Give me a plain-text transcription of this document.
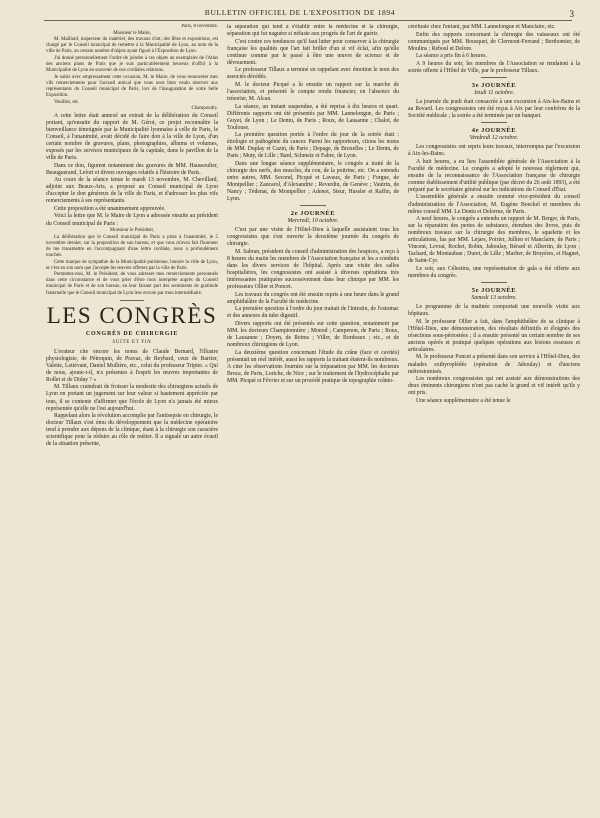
BULLETIN OFFICIEL DE L'EXPOSITION DE 1894	3

Paris, 8 novembre.

Monsieur le Maire,

M. Maillard, inspecteur du matériel, des travaux d'art, des fêtes et expositions, est chargé par le Conseil municipal de remettre à la Municipalité de Lyon, au nom de la ville de Paris, un certain nombre d'objets ayant figuré à l'Exposition de Lyon.

J'ai donné personnellement l'ordre de joindre à ces objets un exemplaire de l'Atlas des anciens plans de Paris que je suis particulièrement heureux d'offrir à la Municipalité de Lyon en souvenir de nos cordiales relations.

Je saisis avec empressement cette occasion, M. le Maire, de vous renouveler mes vifs remerciements pour l'accueil amical que vous avez bien voulu réserver aux représentants du Conseil municipal de Paris, lors de l'inauguration de votre belle Exposition.

Veuillez, etc.

Champoudry.

A cette lettre était annexé un extrait de la délibération du Conseil portant, qu'ensuite du rapport de M. Gérot, ce projet reconnaître la bienveillance témoignée par la Municipalité lyonnaise à celle de Paris, le Conseil, à l'unanimité, avait décidé de faire don à la ville de Lyon, d'un certain nombre de gravures, plans, photographies, albums et volumes, exposés par les services municipaux de la capitale, dans le pavillon de la ville de Paris.

Dans ce don, figurent notamment des gravures de MM. Haussoulier, Beauguerand, Lefort et divers ouvrages relatifs à l'histoire de Paris.

Au cours de la séance tenue le mardi 13 novembre, M. Chevillard, adjoint aux Beaux-Arts, a proposé au Conseil municipal de Lyon d'accepter le don généreux de la ville de Paris, et d'adresser les plus vifs remerciements à ses représentants.

Cette proposition a été unanimement approuvée.

Voici la lettre que M. le Maire de Lyon a adressée ensuite au président du Conseil municipal de Paris :

Monsieur le Président,

La délibération que le Conseil municipal de Paris a prise à l'unanimité, le 5 novembre dernier, sur la proposition de son bureau, et que vous m'avez fait l'honneur de me transmettre en l'accompagnant d'une lettre cordiale, nous a profondément touchés.

Cette marque de sympathie de la Municipalité parisienne, honore la ville de Lyon, et c'est en son nom que j'accepte les œuvres offertes par la ville de Paris.

Permettez-moi, M. le Président, de vous adresser mes remerciements personnels dans cette circonstance et de vous prier d'être mon interprète auprès du Conseil municipal de Paris et de son bureau, en leur faisant part des sentiments de gratitude fraternelle que le Conseil municipal de Lyon leur envoie par mon intermédiaire.

LES CONGRÈS
CONGRÈS DE CHIRURGIE
SUITE ET FIN

L'orateur cite encore les noms de Claude Bernard, l'illustre physiologiste, de Pétrequin, de Pravaz, de Reybard, ceux de Barrier, Valette, Letiévant, Daniel Mollière, etc., celui du professeur Tripier. « Qui de nous, ajoute-t-il, n'a présentes à l'esprit les œuvres importantes de Rollet et de Diday ? »

M. Tillaux craindrait de froisser la modestie des chirurgiens actuels de Lyon en portant un jugement sur leur valeur si hautement appréciée par tous, il se contente d'affirmer que l'école de Lyon n'a jamais été mieux représentée qu'elle ne l'est aujourd'hui.

Rappelant alors la révolution accomplie par l'antisepsie en chirurgie, le docteur Tillaux s'est ému du développement que la médecine opératoire tend à prendre aux dépens de la clinique, étant à la chirurgie son caractère scientifique pour la réduire au rôle de métier. Il a signalé un autre écueil de la situation présente,

la séparation qui tend à s'établir entre la médecine et la chirurgie, séparation qui fut naguère si néfaste aux progrès de l'art de guérir.

C'est contre ces tendances qu'il faut lutter pour conserver à la chirurgie française les qualités que l'art fait briller d'un si vif éclat, afin qu'elle continue comme par le passé à être une œuvre de science et de dévouement.

Le professeur Tillaux a terminé en rappelant avec émotion le nom des associés décédés.

M. le docteur Picqué a lu ensuite un rapport sur la marche de l'association, et présenté le compte rendu financier, en l'absence du trésorier, M. Alcan.

La séance, un instant suspendue, a été reprise à dix heures et quart. Différents rapports ont été présentés par MM. Lannelongue, de Paris ; Guyet, de Lyon ; Le Dentu, de Paris ; Roux, de Lausanne ; Chalot, de Toulouse.

La première question portée à l'ordre du jour de la soirée était : étiologie et pathogénie du cancer. Parmi les rapporteurs, citons les noms de MM. Duplay et Cazin, de Paris ; Depage, de Bruxelles ; Le Dentu, de Paris ; Moty, de Lille ; Bard, Schmetz et Fabre, de Lyon.

Dans une longue séance supplémentaire, le congrès a traité de la chirurgie des nerfs, des muscles, du cou, de la poitrine, etc. On a entendu entre autres, MM. Second, Picqué et Lavaux, de Paris ; Forgue, de Montpellier ; Zancarol, d'Alexandrie ; Reverdin, de Genève ; Vautrin, de Nancy ; Tédenat, de Montpellier ; Adenot, Sieur, Hussler et Raffin, de Lyon.

2e JOURNÉE
Mercredi, 10 octobre.

C'est par une visite de l'Hôtel-Dieu à laquelle assistaient tous les congressistes que s'est ouverte la deuxième journée du congrès de chirurgie.

M. Sabran, président du conseil d'administration des hospices, a reçu à 8 heures du matin les membres de l'Association française et les a conduits dans les divers services de l'hôpital. Après une visite des salles hospitalières, les congressistes ont assisté à diverses opérations très intéressantes pratiquées successivement dans leur clinique par MM. les professeurs Ollier et Poncet.

Les travaux du congrès ont été ensuite repris à une heure dans le grand amphithéâtre de la Faculté de médecine.

La première question à l'ordre du jour traitait de l'intestin, de l'estomac et des annexes du tube digestif.

Divers rapports ont été présentés sur cette question, notamment par MM. les docteurs Championnière ; Monod ; Campenon, de Paris ; Roux, de Lausanne ; Doyen, de Reims ; Viller, de Bordeaux ; etc., et de nombreux chirurgiens de Lyon.

La deuxième question concernant l'étude du crâne (face et cavités) présentait un réel intérêt, aussi les rapports la traitant étaient-ils nombreux. A citer les observations fournies sur la trépanation par MM. les docteurs Broca, de Paris, Loriche, de Nice ; sur le traitement de l'hydrocéphalie par MM. Picqué et Février et sur un procédé pratique de topographie crânio-

cérébrale chez l'enfant, par MM. Lannelongue et Manclaire, etc.

Enfin des rapports concernant la chirurgie des vaisseaux ont été communiqués par MM. Bousquet, de Clermont-Ferrand ; Berthomier, de Moulins ; Reboul et Delore.

La séance a pris fin à 6 heures.

A 9 heures du soir, les membres de l'Association se rendaient à la soirée offerte à l'Hôtel de Ville, par le professeur Tillaux.

3e JOURNÉE
Jeudi 11 octobre.

La journée du jeudi était consacrée à une excursion à Aix-les-Bains et au Revard. Les congressistes ont été reçus à Aix par leur confrères de la Société médicale ; la soirée a été terminée par un banquet.

4e JOURNÉE
Vendredi 12 octobre.

Les congressistes ont repris leurs travaux, interrompus par l'excursion à Aix-les-Bains.

A huit heures, a eu lieu l'assemblée générale de l'Association à la Faculté de médecine. Le congrès a adopté le nouveau règlement qui, ensuite de la reconnaissance de l'Association française de chirurgie comme établissement d'utilité publique (par décret du 26 août 1893), a été préparé par le secrétaire général sur les indications du Conseil d'État.

L'assemblée générale a ensuite nommé vice-président du conseil d'administration de l'Association, M. Eugène Boeckel et membres du même conseil MM. Le Dentu et Delorme, de Paris.

A neuf heures, le congrès a entendu un rapport de M. Berger, de Paris, sur la réparation des pertes de substance, étendues des livres, puis de nombreux travaux sur la chirurgie des membres, le squelette et les articulations, lus par MM. Lejars, Poirier, Jullien et Manclaire, de Paris ; Vincent, Levrat, Rochet, Robin, Jaboulay, Bérard et Albertin, de Lyon ; Tachard, de Montauban ; Duret, de Lille ; Marlier, de Bruyères, et Hagnet, de Saint-Cyr.

Le soir, aux Célestins, une représentation de gala a été offerte aux membres du congrès.

5e JOURNÉE
Samedi 13 octobre.

Le programme de la matinée comportait une nouvelle visite aux hôpitaux.

M. le professeur Ollier a fait, dans l'amphithéâtre de sa clinique à l'Hôtel-Dieu, une démonstration, des résultats définitifs et éloignés des résections sous-périostées ; il a ensuite présenté un certain nombre de ses anciens opérés et pratiqué quelques opérations aux lésions osseuses et articulaires.

M. le professeur Poncet a présenté dans son service à l'Hôtel-Dieu, des malades exthyroplédés (opération de Jaboulay) et d'anciens métrostomisés.

Les nombreux congressistes qui ont assisté aux démonstrations des deux éminents chirurgiens n'ont pas caché le grand et vif intérêt qu'ils y ont pris.

Une séance supplémentaire a été tenue le
